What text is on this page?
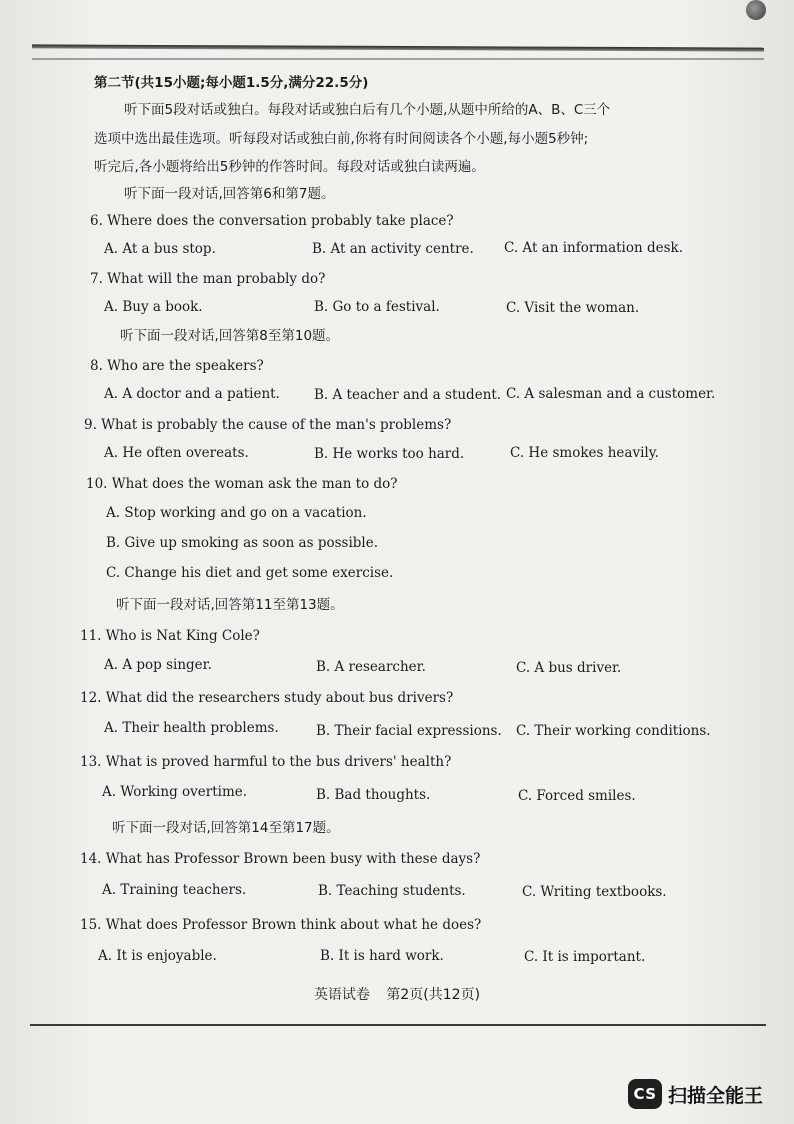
第二节(共15小题;每小题1.5分,满分22.5分)
听下面5段对话或独白。每段对话或独白后有几个小题,从题中所给的A、B、C三个
选项中选出最佳选项。听每段对话或独白前,你将有时间阅读各个小题,每小题5秒钟;
听完后,各小题将给出5秒钟的作答时间。每段对话或独白读两遍。
听下面一段对话,回答第6和第7题。
6. Where does the conversation probably take place?
A. At a bus stop.	B. At an activity centre. C. At an information desk.
7. What will the man probably do?
A. Buy a book.	B. Go to a festival.	C. Visit the woman.
听下面一段对话,回答第8至第10题。
8. Who are the speakers?
A. A doctor and a patient.	B. A teacher and a student. C. A salesman and a customer.
9. What is probably the cause of the man's problems?
A. He often overeats.	B. He works too hard.	C. He smokes heavily.
10. What does the woman ask the man to do?
A. Stop working and go on a vacation.
B. Give up smoking as soon as possible.
C. Change his diet and get some exercise.
听下面一段对话,回答第11至第13题。
11. Who is Nat King Cole?
A. A pop singer.	B. A researcher.	C. A bus driver.
12. What did the researchers study about bus drivers?
A. Their health problems.	B. Their facial expressions. C. Their working conditions.
13. What is proved harmful to the bus drivers' health?
A. Working overtime.	B. Bad thoughts.	C. Forced smiles.
听下面一段对话,回答第14至第17题。
14. What has Professor Brown been busy with these days?
A. Training teachers.	B. Teaching students.	C. Writing textbooks.
15. What does Professor Brown think about what he does?
A. It is enjoyable.	B. It is hard work.	C. It is important.
英语试卷 第2页(共12页)
CS 扫描全能王
